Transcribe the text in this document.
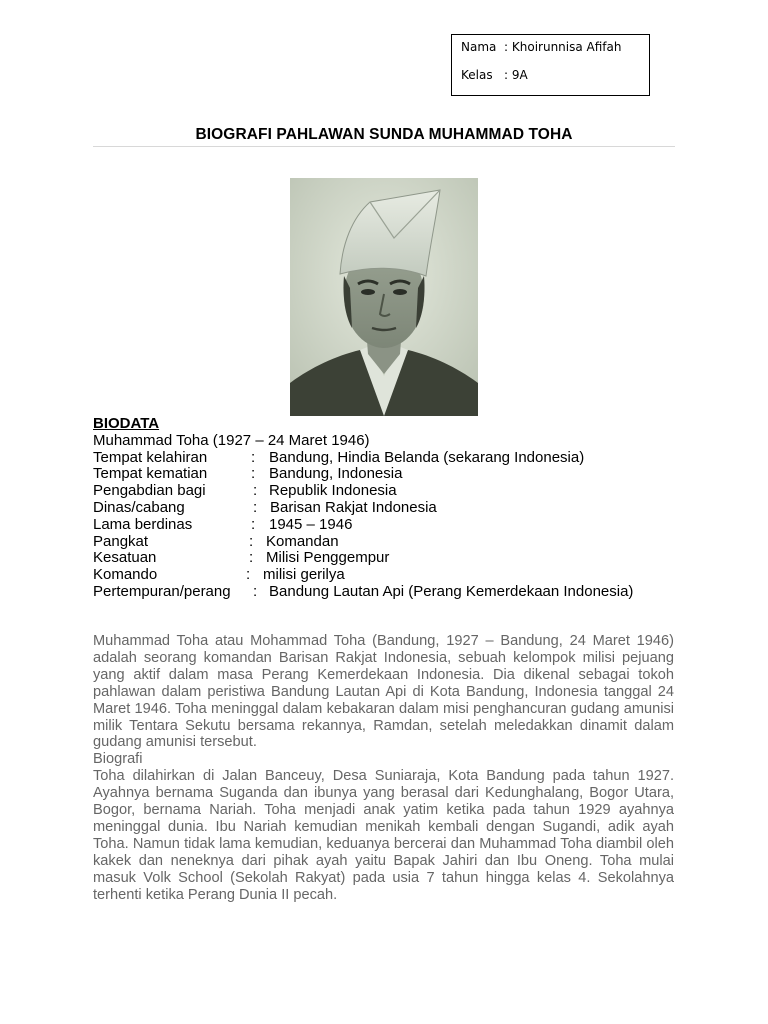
Nama  : Khoirunnisa Afifah
Kelas   : 9A
BIOGRAFI PAHLAWAN SUNDA MUHAMMAD TOHA
BIODATA
Muhammad Toha (1927 – 24 Maret 1946)
Tempat kelahiran	: Bandung, Hindia Belanda (sekarang Indonesia)
Tempat kematian	: Bandung, Indonesia
Pengabdian bagi	: Republik Indonesia
Dinas/cabang	: Barisan Rakjat Indonesia
Lama berdinas	: 1945 – 1946
Pangkat	: Komandan
Kesatuan	: Milisi Penggempur
Komando	: milisi gerilya
Pertempuran/perang : Bandung Lautan Api (Perang Kemerdekaan Indonesia)

Muhammad Toha atau Mohammad Toha (Bandung, 1927 – Bandung, 24 Maret 1946) adalah seorang komandan Barisan Rakjat Indonesia, sebuah kelompok milisi pejuang yang aktif dalam masa Perang Kemerdekaan Indonesia. Dia dikenal sebagai tokoh pahlawan dalam peristiwa Bandung Lautan Api di Kota Bandung, Indonesia tanggal 24 Maret 1946. Toha meninggal dalam kebakaran dalam misi penghancuran gudang amunisi milik Tentara Sekutu bersama rekannya, Ramdan, setelah meledakkan dinamit dalam gudang amunisi tersebut.

Biografi

Toha dilahirkan di Jalan Banceuy, Desa Suniaraja, Kota Bandung pada tahun 1927. Ayahnya bernama Suganda dan ibunya yang berasal dari Kedunghalang, Bogor Utara, Bogor, bernama Nariah. Toha menjadi anak yatim ketika pada tahun 1929 ayahnya meninggal dunia. Ibu Nariah kemudian menikah kembali dengan Sugandi, adik ayah Toha. Namun tidak lama kemudian, keduanya bercerai dan Muhammad Toha diambil oleh kakek dan neneknya dari pihak ayah yaitu Bapak Jahiri dan Ibu Oneng. Toha mulai masuk Volk School (Sekolah Rakyat) pada usia 7 tahun hingga kelas 4. Sekolahnya terhenti ketika Perang Dunia II pecah.
